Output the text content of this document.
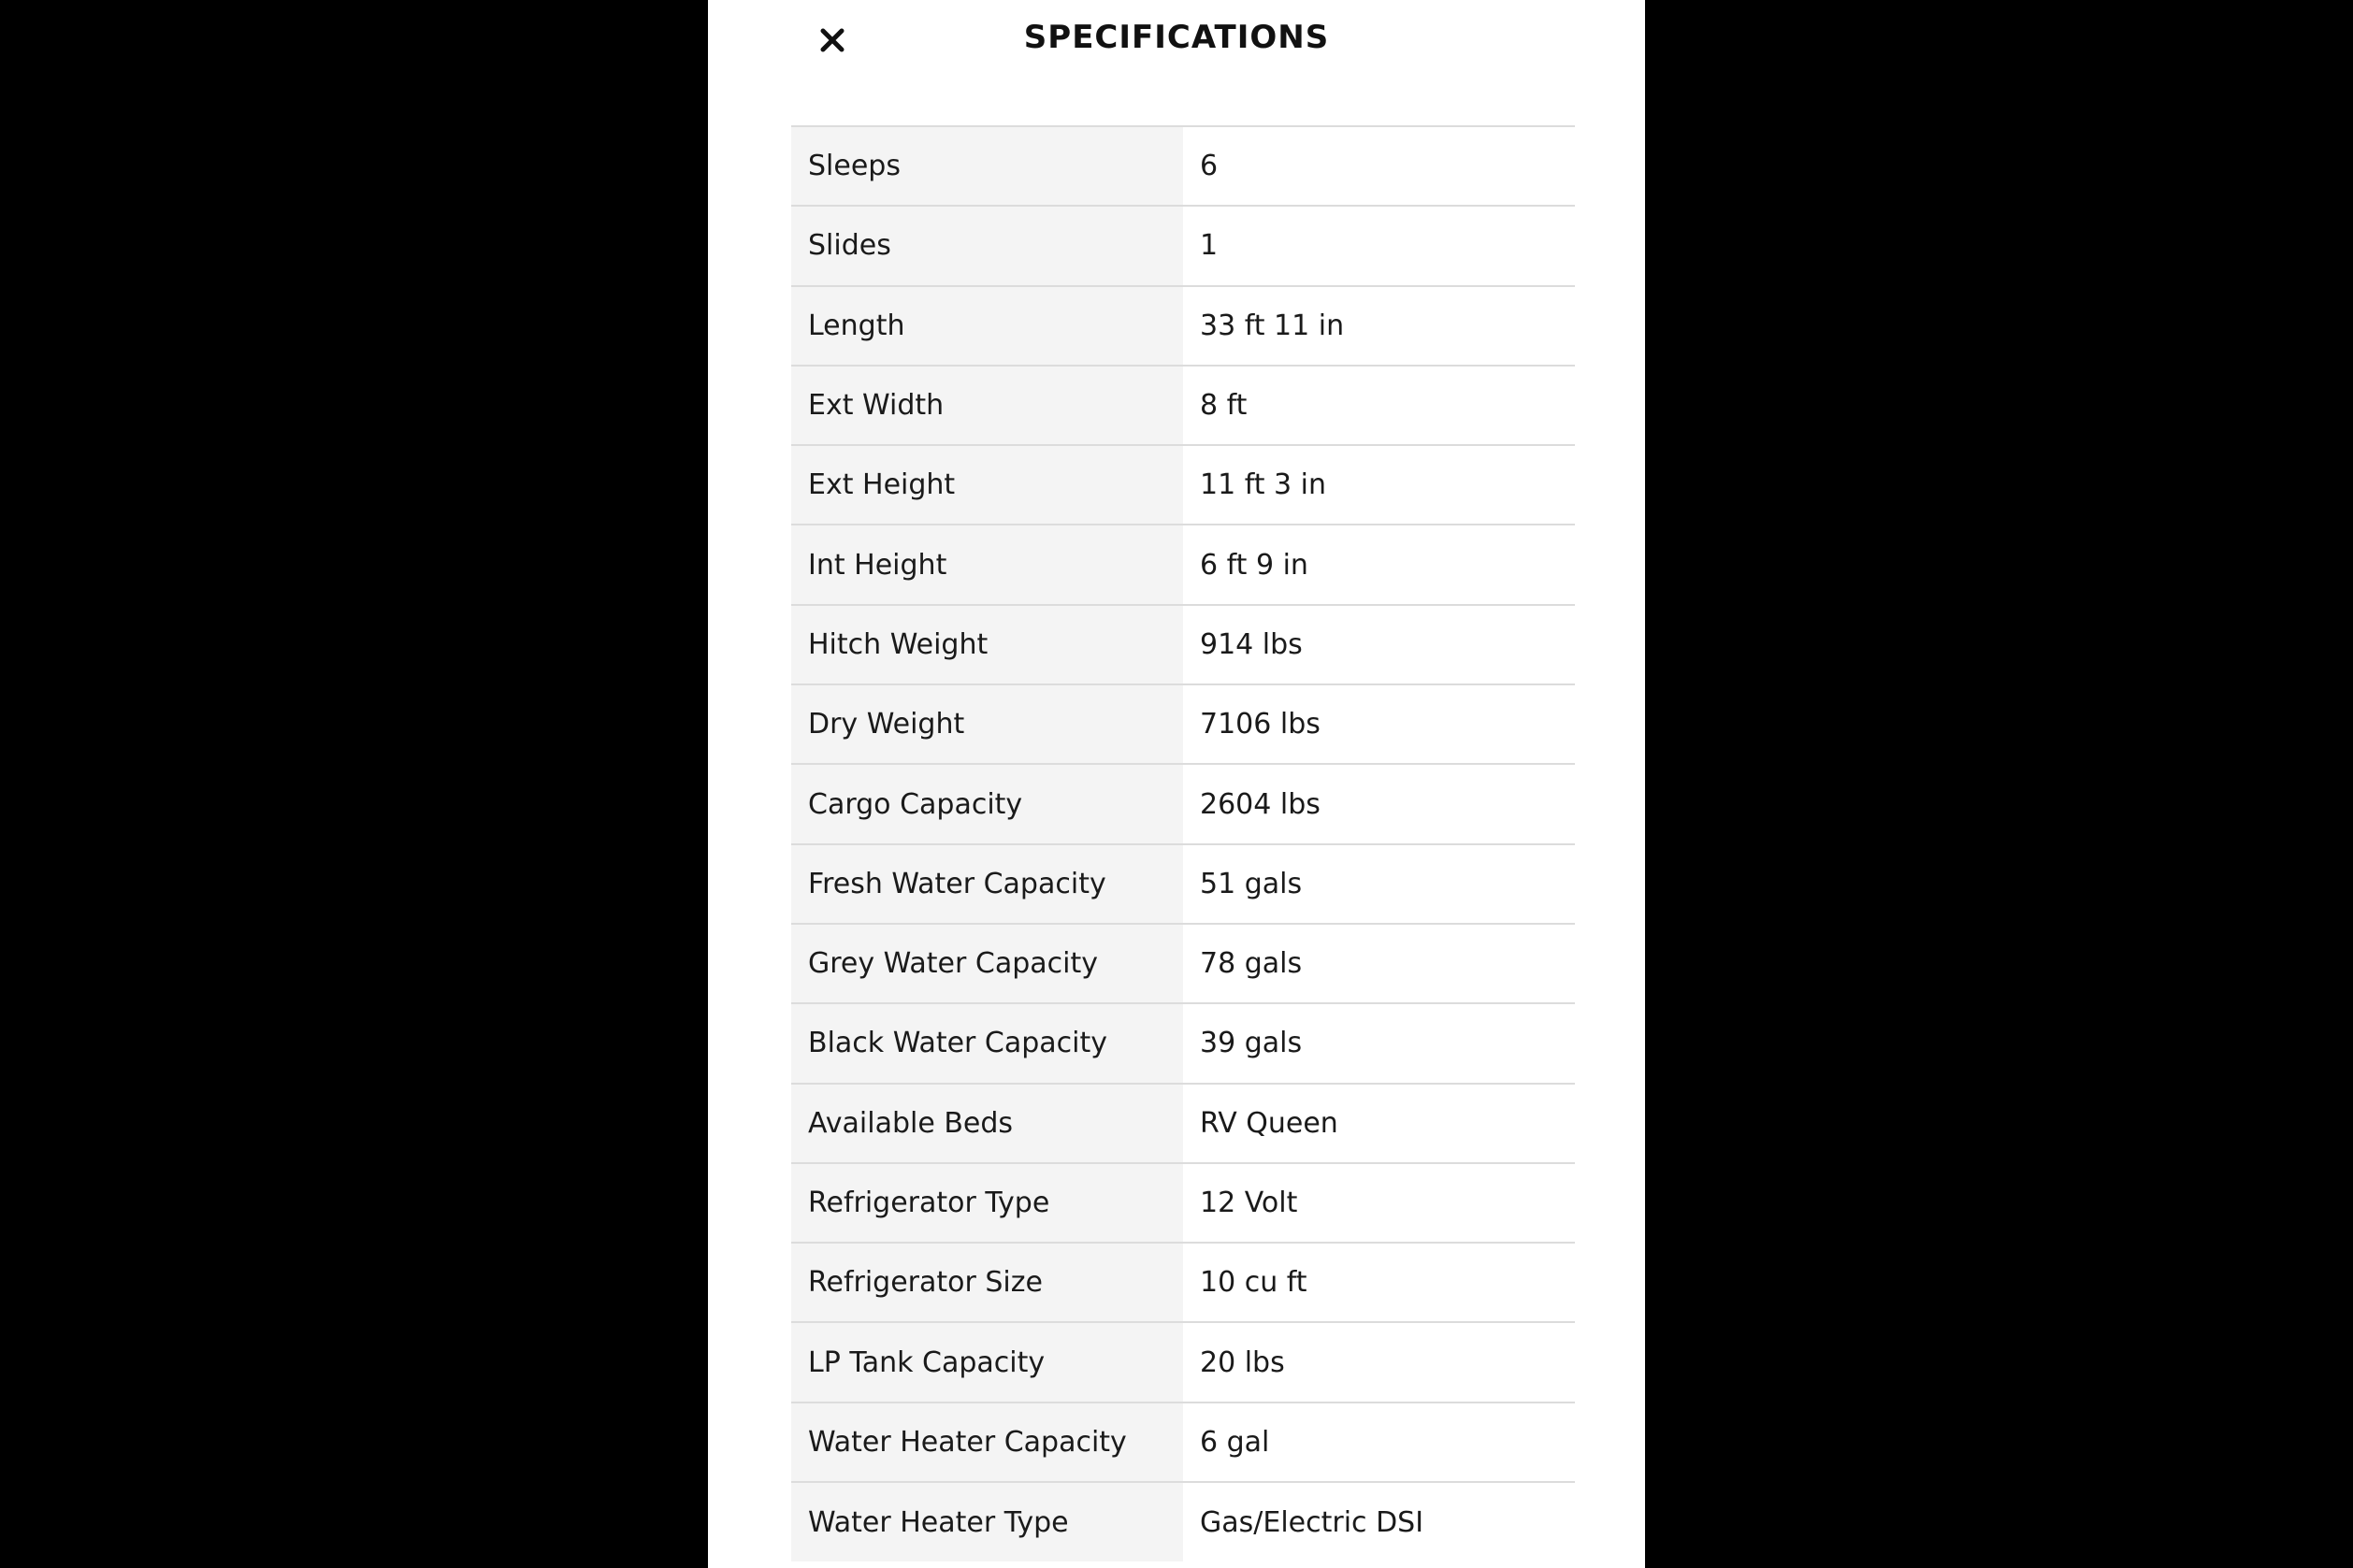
SPECIFICATIONS
Sleeps	6
Slides	1
Length	33 ft 11 in
Ext Width	8 ft
Ext Height	11 ft 3 in
Int Height	6 ft 9 in
Hitch Weight	914 lbs
Dry Weight	7106 lbs
Cargo Capacity	2604 lbs
Fresh Water Capacity	51 gals
Grey Water Capacity	78 gals
Black Water Capacity	39 gals
Available Beds	RV Queen
Refrigerator Type	12 Volt
Refrigerator Size	10 cu ft
LP Tank Capacity	20 lbs
Water Heater Capacity	6 gal
Water Heater Type	Gas/Electric DSI
